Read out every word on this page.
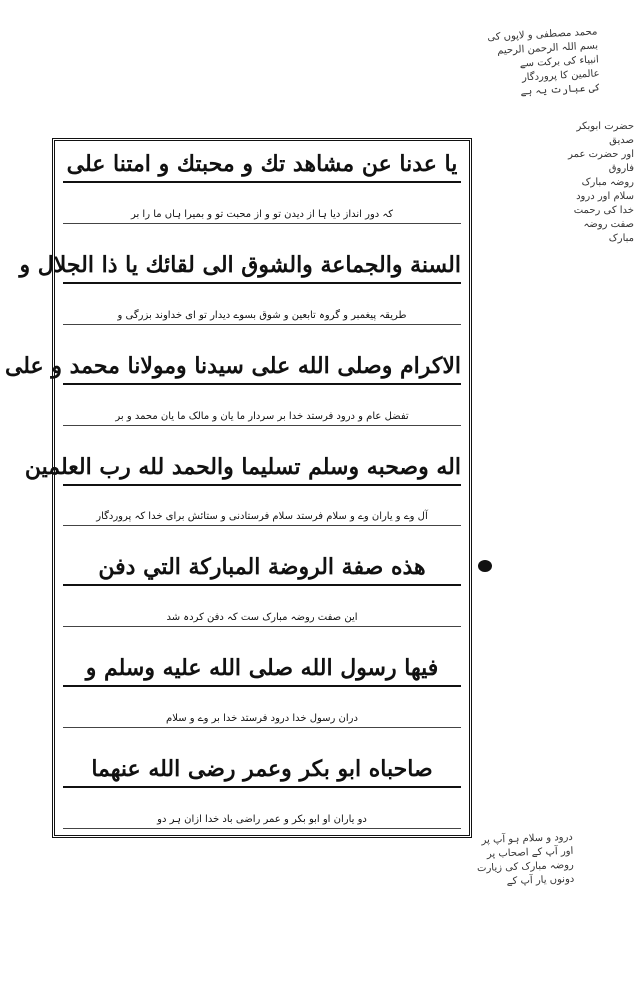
محمد مصطفی و لاپوں کی
بسم اللہ الرحمن الرحیم
انبیاء کی برکت سے
عالمین کا پروردگار
کی عبارت یہ ہے
يا عدنا عن مشاهد تك و محبتك و امتنا على
کہ دور انداز دیا ہا از دیدن تو و از محبت تو و بمیرا ہاں ما را بر
السنة والجماعة والشوق الى لقائك يا ذا الجلال و
طریقہ پیغمبر و گروہ تابعین و شوق بسوے دیدار تو ای خداوند بزرگی و
الاكرام وصلى الله على سيدنا ومولانا محمد و على
تفضل عام و درود فرستد خدا بر سردار ما یان و مالک ما یان محمد و بر
اله وصحبه وسلم تسليما والحمد لله رب العلمين
آل وے و یاران وے و سلام فرستد سلام فرستادنی و ستائش برای خدا کہ پروردگار
هذه صفة الروضة المباركة التي دفن
این صفت روضہ مبارک ست کہ دفن کردہ شد
فيها رسول الله صلى الله عليه وسلم و
دران رسول خدا درود فرستد خدا بر وے و سلام
صاحباه ابو بكر وعمر رضى الله عنهما
دو یاران او ابو بکر و عمر راضی باد خدا ازان ہر دو
حضرت ابوبکر صدیق
اور حضرت عمر فاروق
روضہ مبارک
سلام اور درود
خدا کی رحمت
صفت روضہ مبارک
درود و سلام ہو آپ پر
اور آپ کے اصحاب پر
روضہ مبارک کی زیارت
دونوں یار آپ کے
